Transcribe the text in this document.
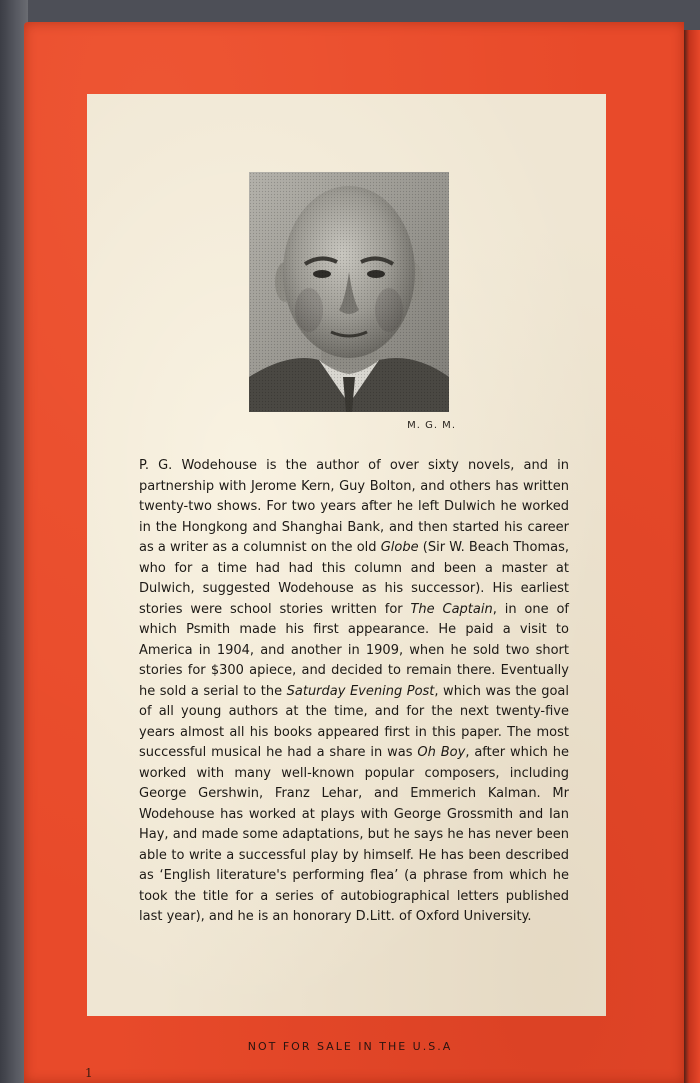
M. G. M.

P. G. Wodehouse is the author of over sixty novels, and in partnership with Jerome Kern, Guy Bolton, and others has written twenty-two shows. For two years after he left Dulwich he worked in the Hongkong and Shanghai Bank, and then started his career as a writer as a columnist on the old Globe (Sir W. Beach Thomas, who for a time had had this column and been a master at Dulwich, suggested Wodehouse as his successor). His earliest stories were school stories written for The Captain, in one of which Psmith made his first appearance. He paid a visit to America in 1904, and another in 1909, when he sold two short stories for $300 apiece, and decided to remain there. Eventually he sold a serial to the Saturday Evening Post, which was the goal of all young authors at the time, and for the next twenty-five years almost all his books appeared first in this paper. The most successful musical he had a share in was Oh Boy, after which he worked with many well-known popular composers, including George Gershwin, Franz Lehar, and Emmerich Kalman. Mr Wodehouse has worked at plays with George Grossmith and Ian Hay, and made some adaptations, but he says he has never been able to write a successful play by himself. He has been described as ‘English literature's performing flea’ (a phrase from which he took the title for a series of autobiographical letters published last year), and he is an honorary D.Litt. of Oxford University.

NOT FOR SALE IN THE U.S.A
1
